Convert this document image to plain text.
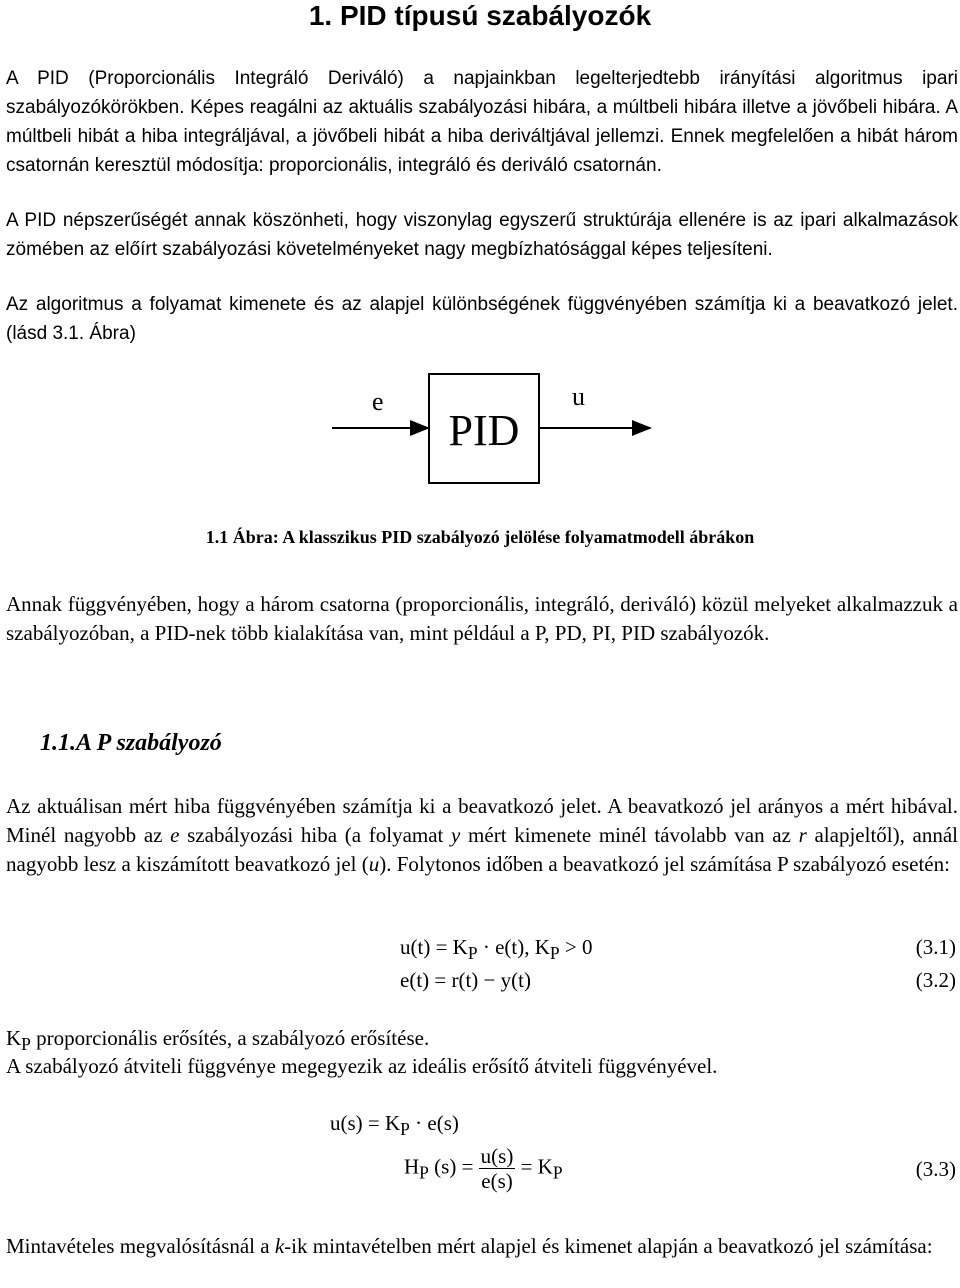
1. PID típusú szabályozók

A PID (Proporcionális Integráló Deriváló) a napjainkban legelterjedtebb irányítási algoritmus ipari szabályozókörökben. Képes reagálni az aktuális szabályozási hibára, a múltbeli hibára illetve a jövőbeli hibára. A múltbeli hibát a hiba integráljával, a jövőbeli hibát a hiba deriváltjával jellemzi. Ennek megfelelően a hibát három csatornán keresztül módosítja: proporcionális, integráló és deriváló csatornán.

A PID népszerűségét annak köszönheti, hogy viszonylag egyszerű struktúrája ellenére is az ipari alkalmazások zömében az előírt szabályozási követelményeket nagy megbízhatósággal képes teljesíteni.

Az algoritmus a folyamat kimenete és az alapjel különbségének függvényében számítja ki a beavatkozó jelet. (lásd 3.1. Ábra)

e
PID
u
1.1 Ábra: A klasszikus PID szabályozó jelölése folyamatmodell ábrákon

Annak függvényében, hogy a három csatorna (proporcionális, integráló, deriváló) közül melyeket alkalmazzuk a szabályozóban, a PID-nek több kialakítása van, mint például a P, PD, PI, PID szabályozók.

1.1.A P szabályozó

Az aktuálisan mért hiba függvényében számítja ki a beavatkozó jelet. A beavatkozó jel arányos a mért hibával. Minél nagyobb az e szabályozási hiba (a folyamat y mért kimenete minél távolabb van az r alapjeltől), annál nagyobb lesz a kiszámított beavatkozó jel (u). Folytonos időben a beavatkozó jel számítása P szabályozó esetén:

$u(t) = K_P \cdot e(t)$, $K_P > 0$	(3.1)
e(t) = r(t) − y(t)	(3.2)

$K_P$ proporcionális erősítés, a szabályozó erősítése.

A szabályozó átviteli függvénye megegyezik az ideális erősítő átviteli függvényével.

$u(s) = K_P \cdot e(s)$
$H_P$ $(s) = \frac{u(s)}{e(s)} = K_P$	(3.3)

Mintavételes megvalósításnál a k-ik mintavételben mért alapjel és kimenet alapján a beavatkozó jel számítása:
